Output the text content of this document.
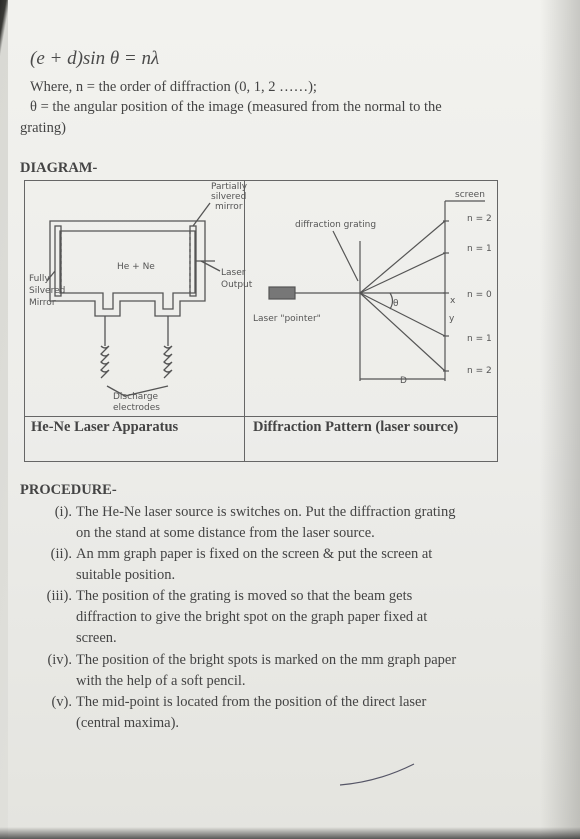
(e + d)sin θ = nλ
Where, n = the order of diffraction (0, 1, 2 ……);
θ = the angular position of the image (measured from the normal to the
grating)
DIAGRAM-
Partially
silvered
mirror
He + Ne
Laser
Output
Fully
Silvered
Mirror
Discharge
electrodes
screen
diffraction grating
Laser "pointer"
θ	x
y
D
n = 2
n = 1
n = 0
n = 1
n = 2
He-Ne Laser Apparatus	Diffraction Pattern (laser source)
PROCEDURE-
(i). The He-Ne laser source is switches on. Put the diffraction grating
on the stand at some distance from the laser source.
(ii). An mm graph paper is fixed on the screen & put the screen at
suitable position.
(iii). The position of the grating is moved so that the beam gets
diffraction to give the bright spot on the graph paper fixed at
screen.
(iv). The position of the bright spots is marked on the mm graph paper
with the help of a soft pencil.
(v). The mid-point is located from the position of the direct laser
(central maxima).
